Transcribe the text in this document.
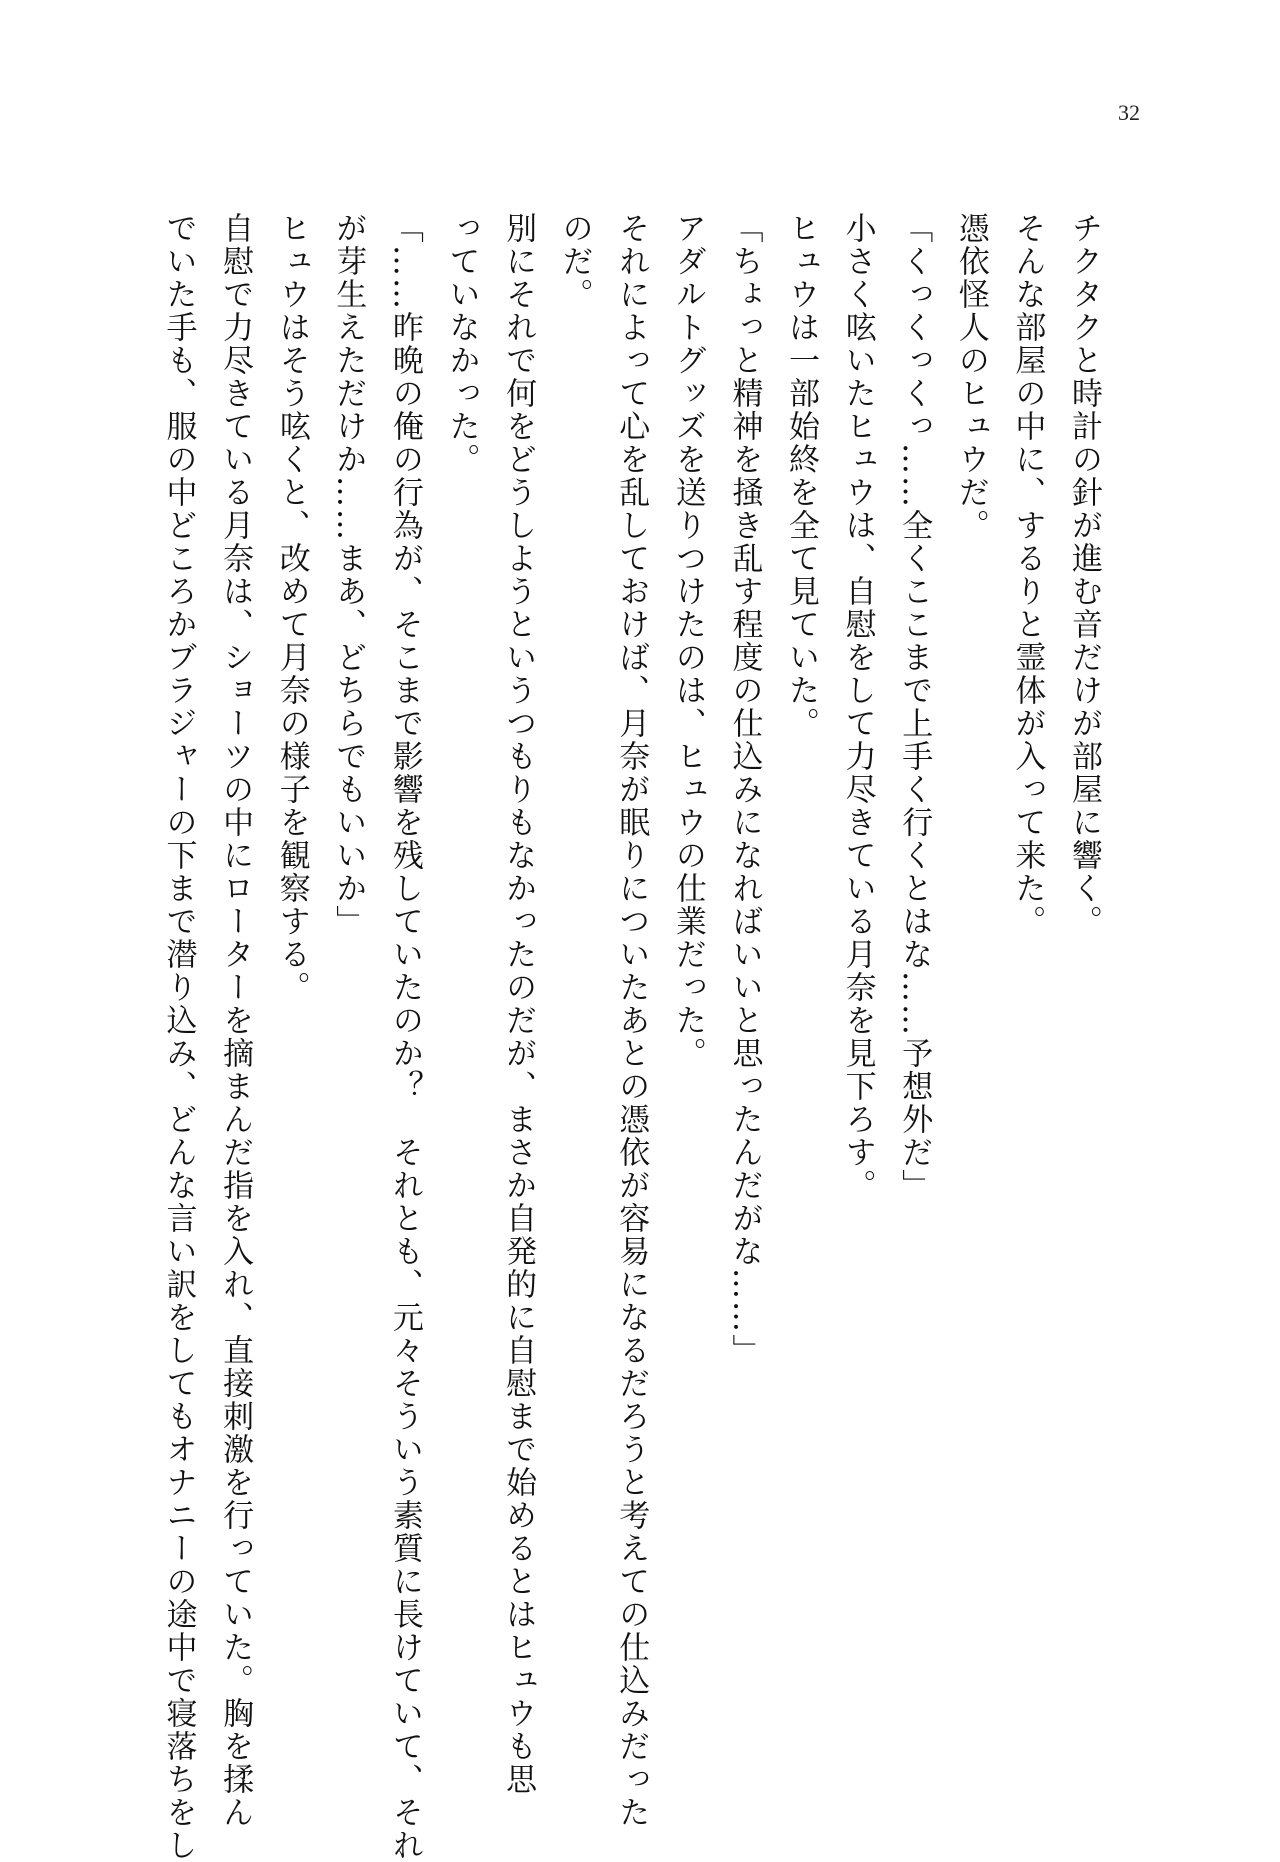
32
チクタクと時計の針が進む音だけが部屋に響く。
そんな部屋の中に、するりと霊体が入って来た。
憑依怪人のヒュウだ。
「くっくっくっ……全くここまで上手く行くとはな……予想外だ」
小さく呟いたヒュウは、自慰をして力尽きている月奈を見下ろす。
ヒュウは一部始終を全て見ていた。
「ちょっと精神を掻き乱す程度の仕込みになればいいと思ったんだがな……」
アダルトグッズを送りつけたのは、ヒュウの仕業だった。
それによって心を乱しておけば、月奈が眠りについたあとの憑依が容易になるだろうと考えての仕込みだった
のだ。
別にそれで何をどうしようというつもりもなかったのだが、まさか自発的に自慰まで始めるとはヒュウも思
っていなかった。
「……昨晩の俺の行為が、そこまで影響を残していたのか？　それとも、元々そういう素質に長けていて、それ
が芽生えただけか……まあ、どちらでもいいか」
ヒュウはそう呟くと、改めて月奈の様子を観察する。
自慰で力尽きている月奈は、ショーツの中にローターを摘まんだ指を入れ、直接刺激を行っていた。胸を揉ん
でいた手も、服の中どころかブラジャーの下まで潜り込み、どんな言い訳をしてもオナニーの途中で寝落ちをし
